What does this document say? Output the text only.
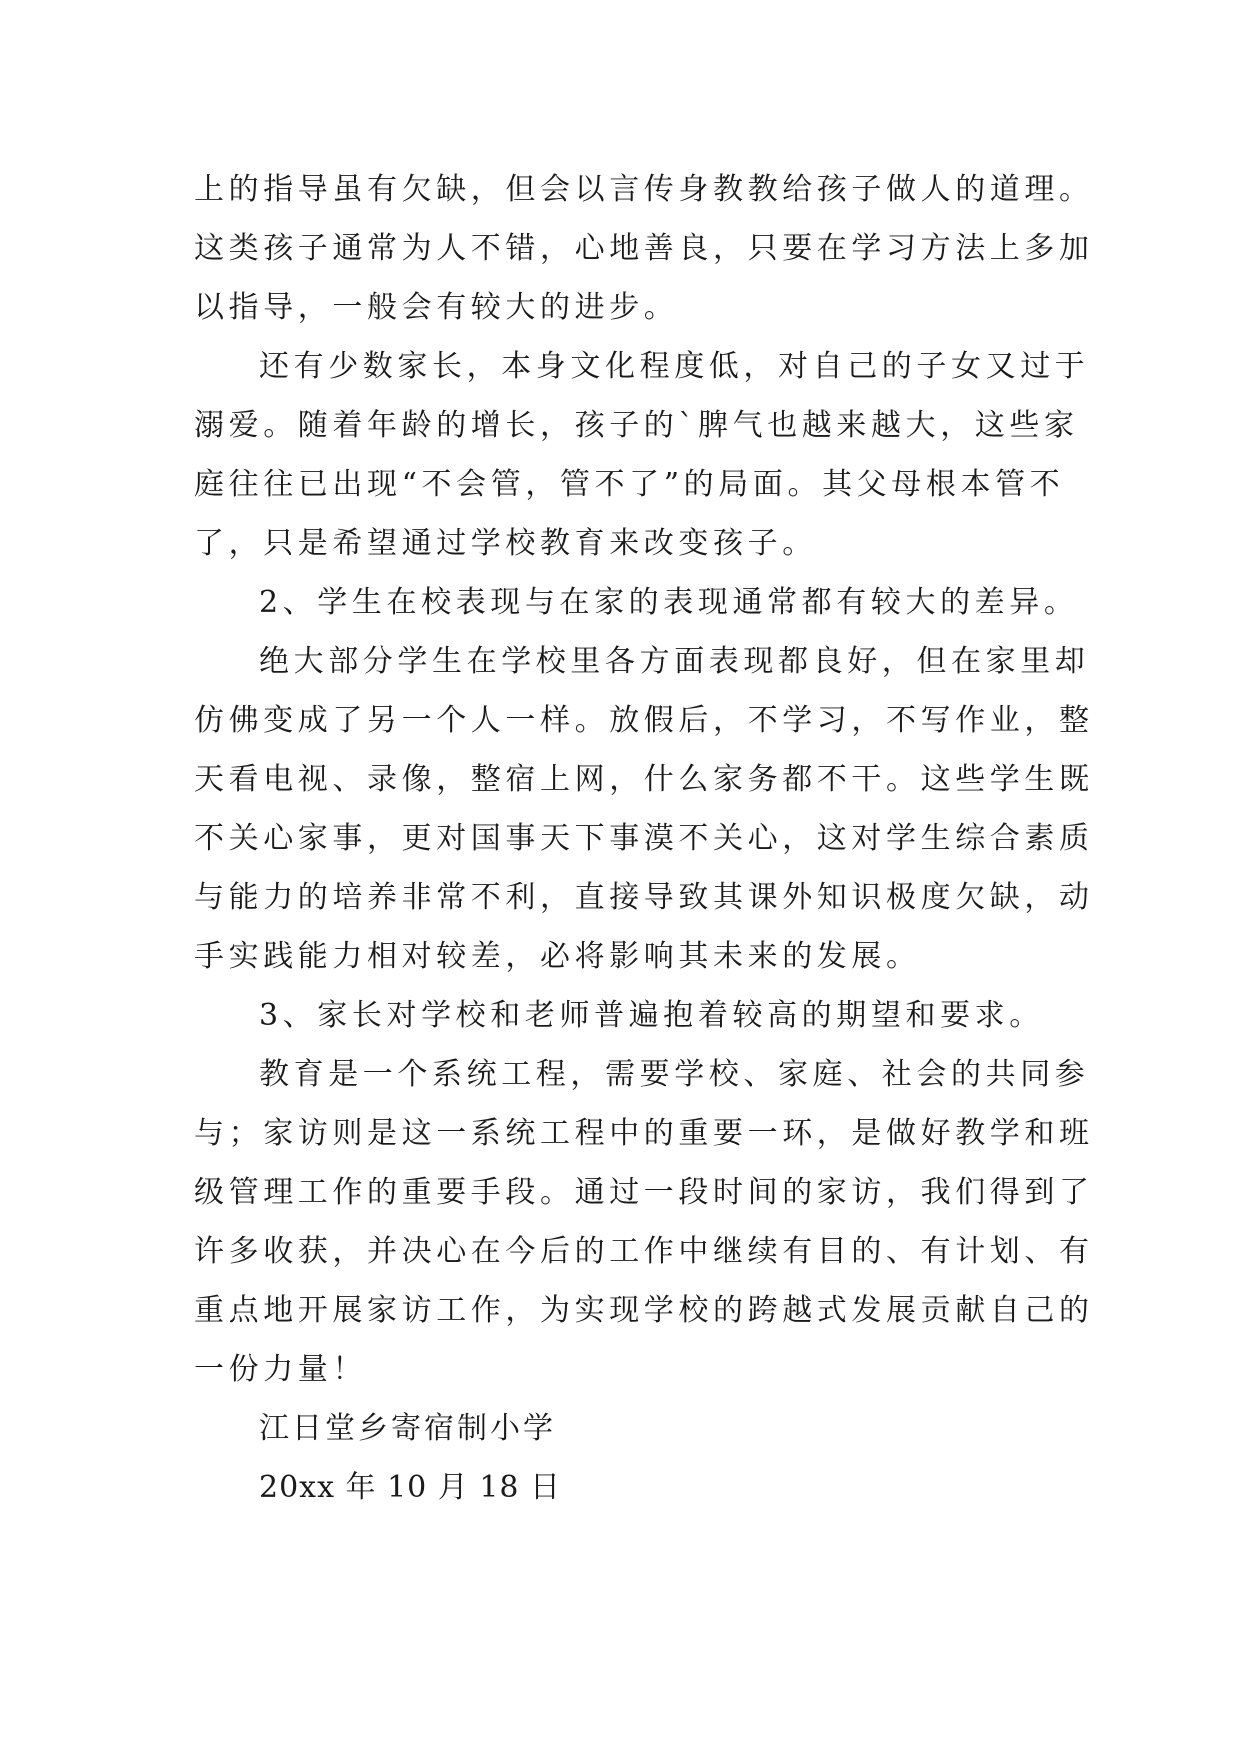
上的指导虽有欠缺，但会以言传身教教给孩子做人的道理。
这类孩子通常为人不错，心地善良，只要在学习方法上多加
以指导，一般会有较大的进步。
还有少数家长，本身文化程度低，对自己的子女又过于
溺爱。随着年龄的增长，孩子的`脾气也越来越大，这些家
庭往往已出现“不会管，管不了”的局面。其父母根本管不
了，只是希望通过学校教育来改变孩子。
2、学生在校表现与在家的表现通常都有较大的差异。
绝大部分学生在学校里各方面表现都良好，但在家里却
仿佛变成了另一个人一样。放假后，不学习，不写作业，整
天看电视、录像，整宿上网，什么家务都不干。这些学生既
不关心家事，更对国事天下事漠不关心，这对学生综合素质
与能力的培养非常不利，直接导致其课外知识极度欠缺，动
手实践能力相对较差，必将影响其未来的发展。
3、家长对学校和老师普遍抱着较高的期望和要求。
教育是一个系统工程，需要学校、家庭、社会的共同参
与；家访则是这一系统工程中的重要一环，是做好教学和班
级管理工作的重要手段。通过一段时间的家访，我们得到了
许多收获，并决心在今后的工作中继续有目的、有计划、有
重点地开展家访工作，为实现学校的跨越式发展贡献自己的
一份力量！
江日堂乡寄宿制小学
20xx 年 10 月 18 日
